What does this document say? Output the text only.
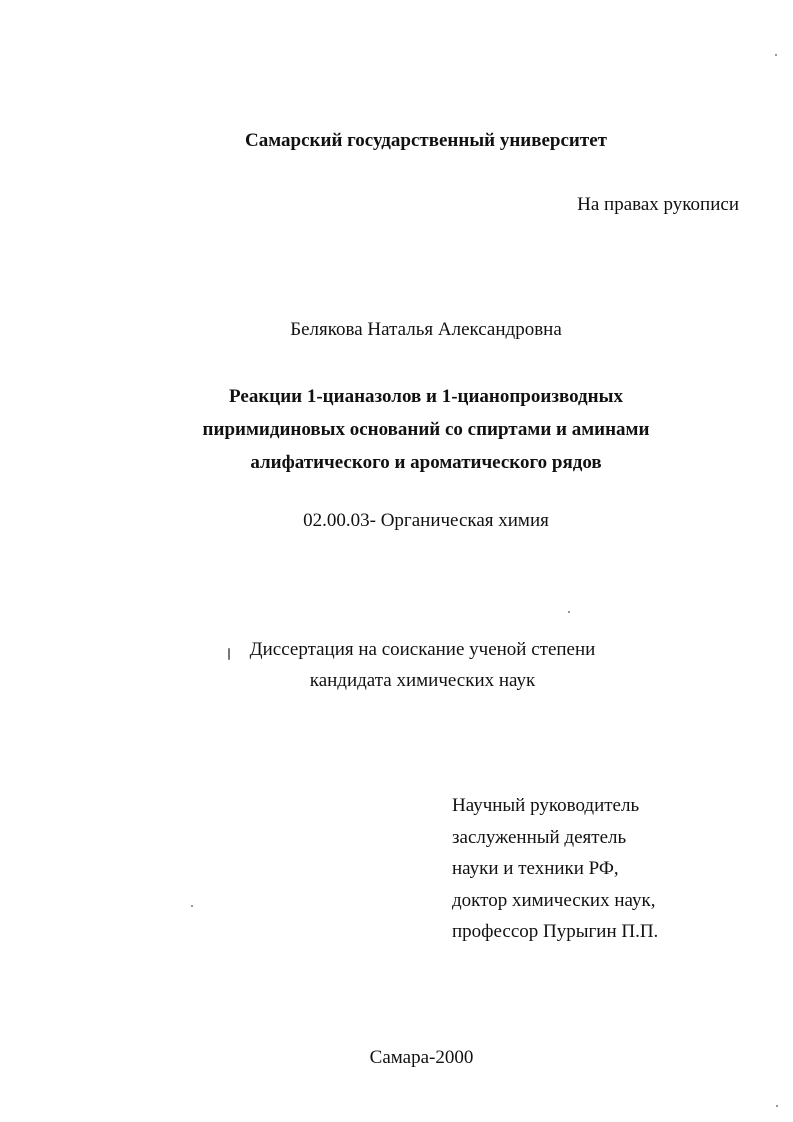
Самарский государственный университет
На правах рукописи
Белякова Наталья Александровна
Реакции 1-цианазолов и 1-цианопроизводных
пиримидиновых оснований со спиртами и аминами
алифатического и ароматического рядов
02.00.03- Органическая химия
Диссертация на соискание ученой степени
кандидата химических наук
Научный руководитель
заслуженный деятель
науки и техники РФ,
доктор химических наук,
профессор Пурыгин П.П.
Самара-2000
